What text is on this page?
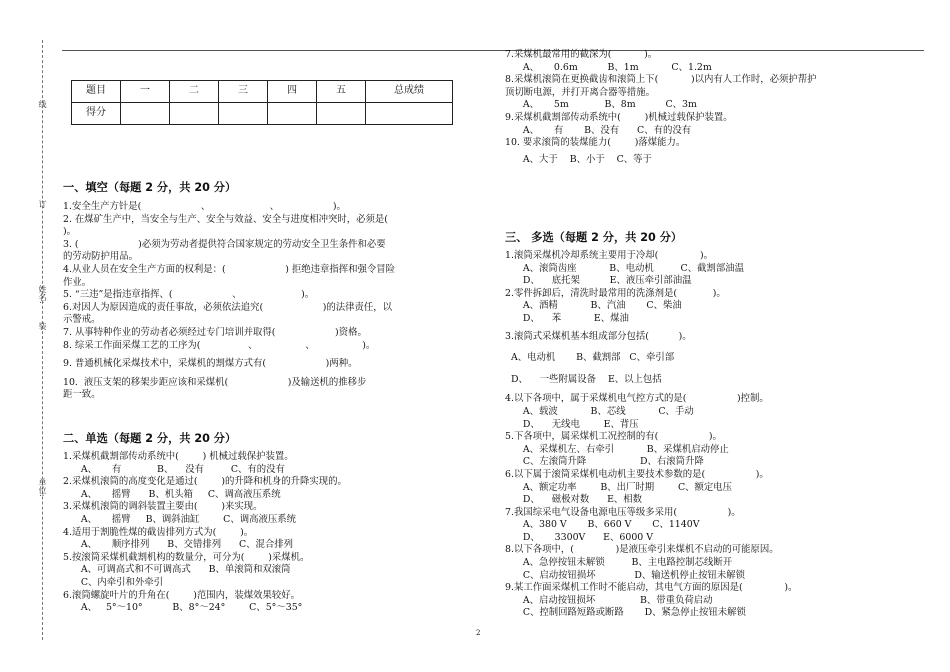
线
订
姓名:
装
单位:
题目	一	二	三	四	五	总成绩
得分						
一、填空（每题 2 分，共 20 分）

1.安全生产方针是(                    、                    、                  )。

2. 在煤矿生产中，当安全与生产、安全与效益、安全与进度相冲突时，必须是(

)。

3. (                    )必须为劳动者提供符合国家规定的劳动安全卫生条件和必要

的劳动防护用品。

4.从业人员在安全生产方面的权利是：(                    ) 拒绝违章指挥和强令冒险

作业。

5. “三违”是指违章指挥、(                    、                    )。

6.对因人为原因造成的责任事故，必须依法追究(                    )的法律责任，以

示警戒。

7. 从事特种作业的劳动者必须经过专门培训并取得(                    )资格。

8. 综采工作面采煤工艺的工序为(                、                、                )。

9. 普通机械化采煤技术中，采煤机的割煤方式有(                    )两种。

10.  液压支架的移架步距应该和采煤机(                    )及输送机的推移步

距一致。

二、单选（每题 2 分，共 20 分）

1.采煤机截割部传动系统中(        ) 机械过载保护装置。

A、     有            B、    没有         C、有的没有

2.采煤机滚筒的高度变化是通过(        )的升降和机身的升降实现的。

A、     摇臂      B、机头箱     C、调高液压系统

3.采煤机滚筒的调斜装置主要由(        )来实现。

A、     摇臂     B、调斜油缸        C、调高液压系统

4.适用于割脆性煤的截齿排列方式为(        )。

A、     顺序排列      B、交错排列      C、混合排列

5.按滚筒采煤机截割机构的数量分，可分为(        )采煤机。

A、可调高式和不可调高式      B、单滚筒和双滚筒

C、内牵引和外牵引

6.滚筒螺旋叶片的升角在(        )范围内，装煤效果较好。

A、   5°～10°          B、8°～24°        C、5°～35°

7.采煤机最常用的截深为(           )。

A、     0.6m          B、1m           C、1.2m

8.采煤机滚筒在更换截齿和滚筒上下(           )以内有人工作时，必须护帮护

顶切断电源，并打开离合器等措施。

A、     5m            B、8m          C、3m

9.采煤机截割部传动系统中(        )机械过载保护装置。

A、     有       B、没有      C、有的没有

10. 要求滚筒的装煤能力(        )落煤能力。

A、大于    B、小于    C、等于

三、 多选（每题 2 分，共 20 分）

1.滚筒采煤机冷却系统主要用于冷却(              )。

A、滚筒齿座           B、电动机         C、截割部油温

D、    底托架          E、液压牵引部油温

2.零件拆卸后，清洗时最常用的洗涤剂是(            )。

A、酒精           B、汽油       C、柴油

D、    苯           E、煤油

3.滚筒式采煤机基本组成部分包括(          )。

A、电动机       B、截割部   C、牵引部

D、    一些附属设备    E、以上包括

4.以下各项中，属于采煤机电气控方式的是(                 )控制。

A、载波           B、芯线           C、手动

D、    无线电        E、背压

5.下各项中，属采煤机工况控制的有(                 )。

A、采煤机左、右牵引           B、采煤机启动停止

C、左滚筒升降                  D、右滚筒升降

6.以下属于滚筒采煤机电动机主要技术参数的是(                 )。

A、额定功率        B、出厂时期        C、额定电压

D、    磁极对数      E、相数

7.我国综采电气设备电源电压等级多采用(                 )。

A、380 V       B、660 V       C、1140V

D、     3300V      E、6000 V

8.以下各项中，(              )是液压牵引来煤机不启动的可能原因。

A、急停按钮未解锁         B、主电路控制芯线断开

C、启动按钮损坏             D、输送机停止按钮未解锁

9.某工作面采煤机工作时不能启动，其电气方面的原因是(              )。

A、启动按钮损坏               B、带重负荷启动

C、控制回路短路或断路       D、紧急停止按钮未解锁

2
